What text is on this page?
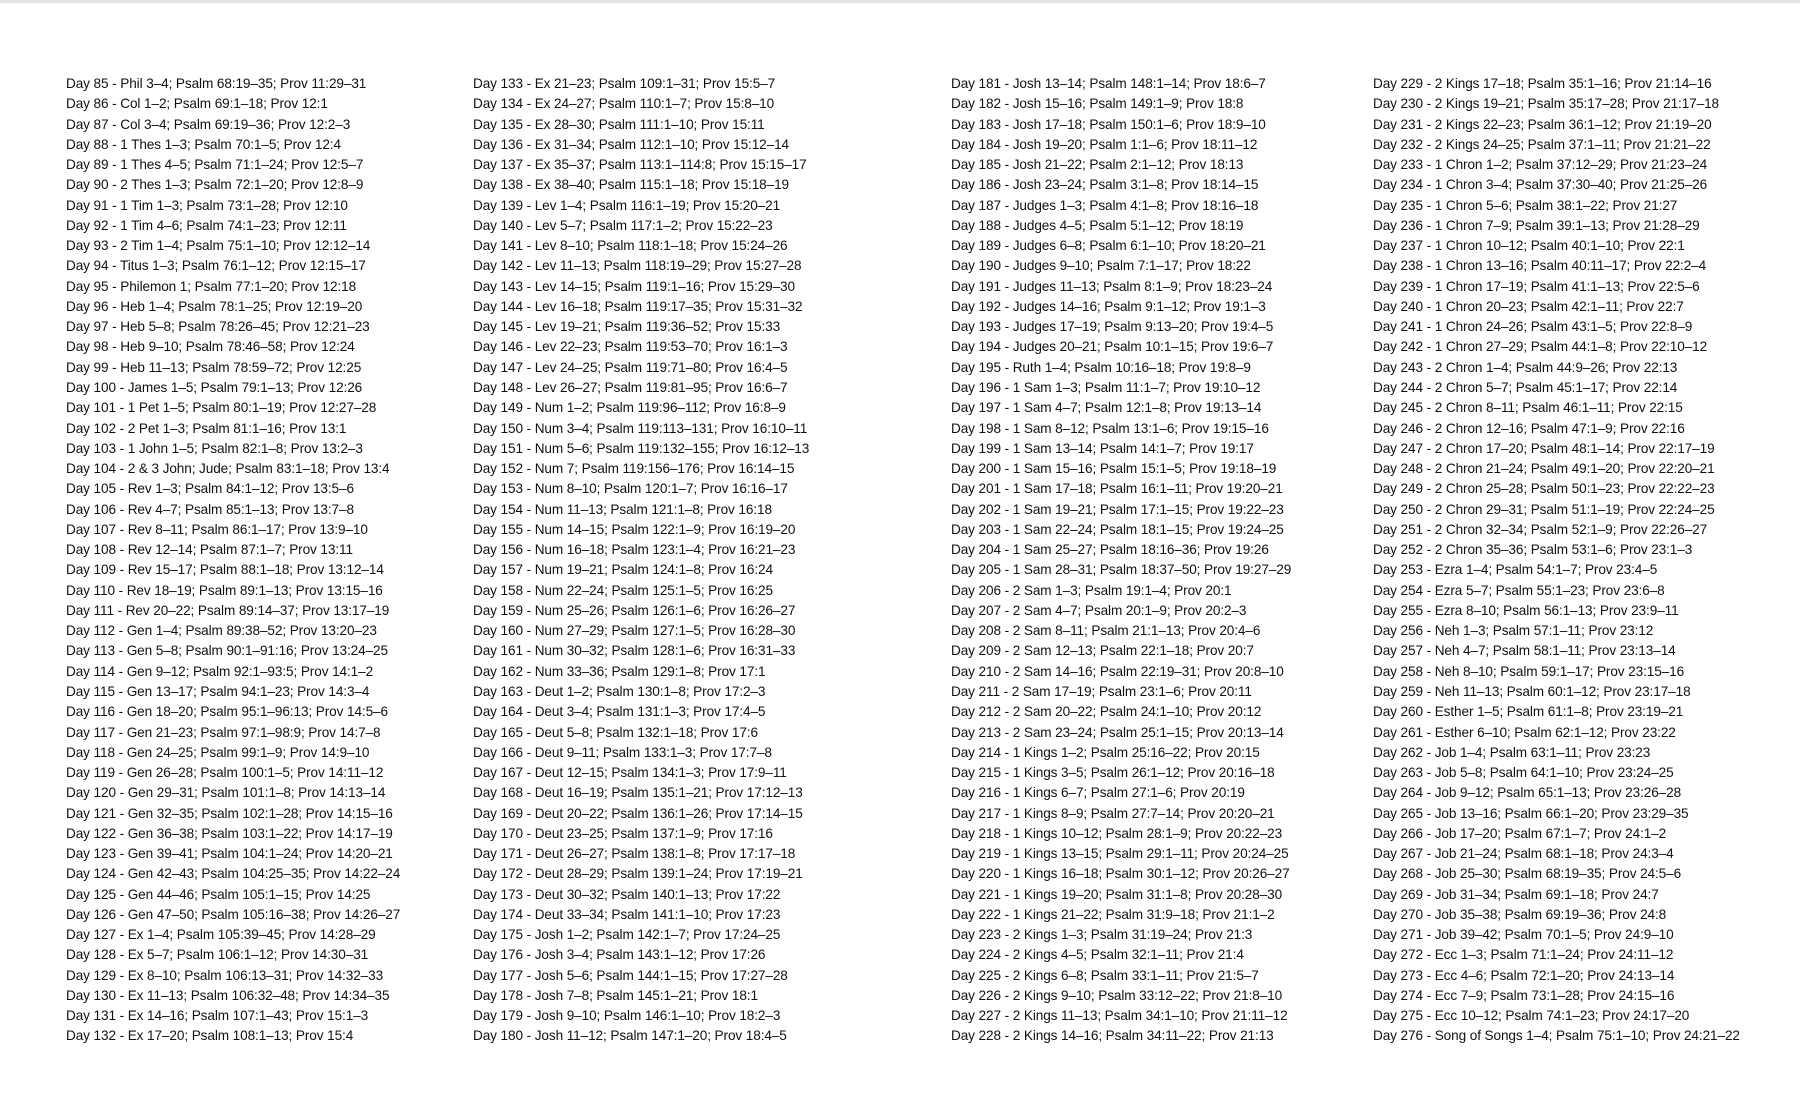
Day 85 - Phil 3–4; Psalm 68:19–35; Prov 11:29–31
Day 86 - Col 1–2; Psalm 69:1–18; Prov 12:1
Day 87 - Col 3–4; Psalm 69:19–36; Prov 12:2–3
Day 88 - 1 Thes 1–3; Psalm 70:1–5; Prov 12:4
Day 89 - 1 Thes 4–5; Psalm 71:1–24; Prov 12:5–7
Day 90 - 2 Thes 1–3; Psalm 72:1–20; Prov 12:8–9
Day 91 - 1 Tim 1–3; Psalm 73:1–28; Prov 12:10
Day 92 - 1 Tim 4–6; Psalm 74:1–23; Prov 12:11
Day 93 - 2 Tim 1–4; Psalm 75:1–10; Prov 12:12–14
Day 94 - Titus 1–3; Psalm 76:1–12; Prov 12:15–17
Day 95 - Philemon 1; Psalm 77:1–20; Prov 12:18
Day 96 - Heb 1–4; Psalm 78:1–25; Prov 12:19–20
Day 97 - Heb 5–8; Psalm 78:26–45; Prov 12:21–23
Day 98 - Heb 9–10; Psalm 78:46–58; Prov 12:24
Day 99 - Heb 11–13; Psalm 78:59–72; Prov 12:25
Day 100 - James 1–5; Psalm 79:1–13; Prov 12:26
Day 101 - 1 Pet 1–5; Psalm 80:1–19; Prov 12:27–28
Day 102 - 2 Pet 1–3; Psalm 81:1–16; Prov 13:1
Day 103 - 1 John 1–5; Psalm 82:1–8; Prov 13:2–3
Day 104 - 2 & 3 John; Jude; Psalm 83:1–18; Prov 13:4
Day 105 - Rev 1–3; Psalm 84:1–12; Prov 13:5–6
Day 106 - Rev 4–7; Psalm 85:1–13; Prov 13:7–8
Day 107 - Rev 8–11; Psalm 86:1–17; Prov 13:9–10
Day 108 - Rev 12–14; Psalm 87:1–7; Prov 13:11
Day 109 - Rev 15–17; Psalm 88:1–18; Prov 13:12–14
Day 110 - Rev 18–19; Psalm 89:1–13; Prov 13:15–16
Day 111 - Rev 20–22; Psalm 89:14–37; Prov 13:17–19
Day 112 - Gen 1–4; Psalm 89:38–52; Prov 13:20–23
Day 113 - Gen 5–8; Psalm 90:1–91:16; Prov 13:24–25
Day 114 - Gen 9–12; Psalm 92:1–93:5; Prov 14:1–2
Day 115 - Gen 13–17; Psalm 94:1–23; Prov 14:3–4
Day 116 - Gen 18–20; Psalm 95:1–96:13; Prov 14:5–6
Day 117 - Gen 21–23; Psalm 97:1–98:9; Prov 14:7–8
Day 118 - Gen 24–25; Psalm 99:1–9; Prov 14:9–10
Day 119 - Gen 26–28; Psalm 100:1–5; Prov 14:11–12
Day 120 - Gen 29–31; Psalm 101:1–8; Prov 14:13–14
Day 121 - Gen 32–35; Psalm 102:1–28; Prov 14:15–16
Day 122 - Gen 36–38; Psalm 103:1–22; Prov 14:17–19
Day 123 - Gen 39–41; Psalm 104:1–24; Prov 14:20–21
Day 124 - Gen 42–43; Psalm 104:25–35; Prov 14:22–24
Day 125 - Gen 44–46; Psalm 105:1–15; Prov 14:25
Day 126 - Gen 47–50; Psalm 105:16–38; Prov 14:26–27
Day 127 - Ex 1–4; Psalm 105:39–45; Prov 14:28–29
Day 128 - Ex 5–7; Psalm 106:1–12; Prov 14:30–31
Day 129 - Ex 8–10; Psalm 106:13–31; Prov 14:32–33
Day 130 - Ex 11–13; Psalm 106:32–48; Prov 14:34–35
Day 131 - Ex 14–16; Psalm 107:1–43; Prov 15:1–3
Day 132 - Ex 17–20; Psalm 108:1–13; Prov 15:4
Day 133 - Ex 21–23; Psalm 109:1–31; Prov 15:5–7
Day 134 - Ex 24–27; Psalm 110:1–7; Prov 15:8–10
Day 135 - Ex 28–30; Psalm 111:1–10; Prov 15:11
Day 136 - Ex 31–34; Psalm 112:1–10; Prov 15:12–14
Day 137 - Ex 35–37; Psalm 113:1–114:8; Prov 15:15–17
Day 138 - Ex 38–40; Psalm 115:1–18; Prov 15:18–19
Day 139 - Lev 1–4; Psalm 116:1–19; Prov 15:20–21
Day 140 - Lev 5–7; Psalm 117:1–2; Prov 15:22–23
Day 141 - Lev 8–10; Psalm 118:1–18; Prov 15:24–26
Day 142 - Lev 11–13; Psalm 118:19–29; Prov 15:27–28
Day 143 - Lev 14–15; Psalm 119:1–16; Prov 15:29–30
Day 144 - Lev 16–18; Psalm 119:17–35; Prov 15:31–32
Day 145 - Lev 19–21; Psalm 119:36–52; Prov 15:33
Day 146 - Lev 22–23; Psalm 119:53–70; Prov 16:1–3
Day 147 - Lev 24–25; Psalm 119:71–80; Prov 16:4–5
Day 148 - Lev 26–27; Psalm 119:81–95; Prov 16:6–7
Day 149 - Num 1–2; Psalm 119:96–112; Prov 16:8–9
Day 150 - Num 3–4; Psalm 119:113–131; Prov 16:10–11
Day 151 - Num 5–6; Psalm 119:132–155; Prov 16:12–13
Day 152 - Num 7; Psalm 119:156–176; Prov 16:14–15
Day 153 - Num 8–10; Psalm 120:1–7; Prov 16:16–17
Day 154 - Num 11–13; Psalm 121:1–8; Prov 16:18
Day 155 - Num 14–15; Psalm 122:1–9; Prov 16:19–20
Day 156 - Num 16–18; Psalm 123:1–4; Prov 16:21–23
Day 157 - Num 19–21; Psalm 124:1–8; Prov 16:24
Day 158 - Num 22–24; Psalm 125:1–5; Prov 16:25
Day 159 - Num 25–26; Psalm 126:1–6; Prov 16:26–27
Day 160 - Num 27–29; Psalm 127:1–5; Prov 16:28–30
Day 161 - Num 30–32; Psalm 128:1–6; Prov 16:31–33
Day 162 - Num 33–36; Psalm 129:1–8; Prov 17:1
Day 163 - Deut 1–2; Psalm 130:1–8; Prov 17:2–3
Day 164 - Deut 3–4; Psalm 131:1–3; Prov 17:4–5
Day 165 - Deut 5–8; Psalm 132:1–18; Prov 17:6
Day 166 - Deut 9–11; Psalm 133:1–3; Prov 17:7–8
Day 167 - Deut 12–15; Psalm 134:1–3; Prov 17:9–11
Day 168 - Deut 16–19; Psalm 135:1–21; Prov 17:12–13
Day 169 - Deut 20–22; Psalm 136:1–26; Prov 17:14–15
Day 170 - Deut 23–25; Psalm 137:1–9; Prov 17:16
Day 171 - Deut 26–27; Psalm 138:1–8; Prov 17:17–18
Day 172 - Deut 28–29; Psalm 139:1–24; Prov 17:19–21
Day 173 - Deut 30–32; Psalm 140:1–13; Prov 17:22
Day 174 - Deut 33–34; Psalm 141:1–10; Prov 17:23
Day 175 - Josh 1–2; Psalm 142:1–7; Prov 17:24–25
Day 176 - Josh 3–4; Psalm 143:1–12; Prov 17:26
Day 177 - Josh 5–6; Psalm 144:1–15; Prov 17:27–28
Day 178 - Josh 7–8; Psalm 145:1–21; Prov 18:1
Day 179 - Josh 9–10; Psalm 146:1–10; Prov 18:2–3
Day 180 - Josh 11–12; Psalm 147:1–20; Prov 18:4–5
Day 181 - Josh 13–14; Psalm 148:1–14; Prov 18:6–7
Day 182 - Josh 15–16; Psalm 149:1–9; Prov 18:8
Day 183 - Josh 17–18; Psalm 150:1–6; Prov 18:9–10
Day 184 - Josh 19–20; Psalm 1:1–6; Prov 18:11–12
Day 185 - Josh 21–22; Psalm 2:1–12; Prov 18:13
Day 186 - Josh 23–24; Psalm 3:1–8; Prov 18:14–15
Day 187 - Judges 1–3; Psalm 4:1–8; Prov 18:16–18
Day 188 - Judges 4–5; Psalm 5:1–12; Prov 18:19
Day 189 - Judges 6–8; Psalm 6:1–10; Prov 18:20–21
Day 190 - Judges 9–10; Psalm 7:1–17; Prov 18:22
Day 191 - Judges 11–13; Psalm 8:1–9; Prov 18:23–24
Day 192 - Judges 14–16; Psalm 9:1–12; Prov 19:1–3
Day 193 - Judges 17–19; Psalm 9:13–20; Prov 19:4–5
Day 194 - Judges 20–21; Psalm 10:1–15; Prov 19:6–7
Day 195 - Ruth 1–4; Psalm 10:16–18; Prov 19:8–9
Day 196 - 1 Sam 1–3; Psalm 11:1–7; Prov 19:10–12
Day 197 - 1 Sam 4–7; Psalm 12:1–8; Prov 19:13–14
Day 198 - 1 Sam 8–12; Psalm 13:1–6; Prov 19:15–16
Day 199 - 1 Sam 13–14; Psalm 14:1–7; Prov 19:17
Day 200 - 1 Sam 15–16; Psalm 15:1–5; Prov 19:18–19
Day 201 - 1 Sam 17–18; Psalm 16:1–11; Prov 19:20–21
Day 202 - 1 Sam 19–21; Psalm 17:1–15; Prov 19:22–23
Day 203 - 1 Sam 22–24; Psalm 18:1–15; Prov 19:24–25
Day 204 - 1 Sam 25–27; Psalm 18:16–36; Prov 19:26
Day 205 - 1 Sam 28–31; Psalm 18:37–50; Prov 19:27–29
Day 206 - 2 Sam 1–3; Psalm 19:1–4; Prov 20:1
Day 207 - 2 Sam 4–7; Psalm 20:1–9; Prov 20:2–3
Day 208 - 2 Sam 8–11; Psalm 21:1–13; Prov 20:4–6
Day 209 - 2 Sam 12–13; Psalm 22:1–18; Prov 20:7
Day 210 - 2 Sam 14–16; Psalm 22:19–31; Prov 20:8–10
Day 211 - 2 Sam 17–19; Psalm 23:1–6; Prov 20:11
Day 212 - 2 Sam 20–22; Psalm 24:1–10; Prov 20:12
Day 213 - 2 Sam 23–24; Psalm 25:1–15; Prov 20:13–14
Day 214 - 1 Kings 1–2; Psalm 25:16–22; Prov 20:15
Day 215 - 1 Kings 3–5; Psalm 26:1–12; Prov 20:16–18
Day 216 - 1 Kings 6–7; Psalm 27:1–6; Prov 20:19
Day 217 - 1 Kings 8–9; Psalm 27:7–14; Prov 20:20–21
Day 218 - 1 Kings 10–12; Psalm 28:1–9; Prov 20:22–23
Day 219 - 1 Kings 13–15; Psalm 29:1–11; Prov 20:24–25
Day 220 - 1 Kings 16–18; Psalm 30:1–12; Prov 20:26–27
Day 221 - 1 Kings 19–20; Psalm 31:1–8; Prov 20:28–30
Day 222 - 1 Kings 21–22; Psalm 31:9–18; Prov 21:1–2
Day 223 - 2 Kings 1–3; Psalm 31:19–24; Prov 21:3
Day 224 - 2 Kings 4–5; Psalm 32:1–11; Prov 21:4
Day 225 - 2 Kings 6–8; Psalm 33:1–11; Prov 21:5–7
Day 226 - 2 Kings 9–10; Psalm 33:12–22; Prov 21:8–10
Day 227 - 2 Kings 11–13; Psalm 34:1–10; Prov 21:11–12
Day 228 - 2 Kings 14–16; Psalm 34:11–22; Prov 21:13
Day 229 - 2 Kings 17–18; Psalm 35:1–16; Prov 21:14–16
Day 230 - 2 Kings 19–21; Psalm 35:17–28; Prov 21:17–18
Day 231 - 2 Kings 22–23; Psalm 36:1–12; Prov 21:19–20
Day 232 - 2 Kings 24–25; Psalm 37:1–11; Prov 21:21–22
Day 233 - 1 Chron 1–2; Psalm 37:12–29; Prov 21:23–24
Day 234 - 1 Chron 3–4; Psalm 37:30–40; Prov 21:25–26
Day 235 - 1 Chron 5–6; Psalm 38:1–22; Prov 21:27
Day 236 - 1 Chron 7–9; Psalm 39:1–13; Prov 21:28–29
Day 237 - 1 Chron 10–12; Psalm 40:1–10; Prov 22:1
Day 238 - 1 Chron 13–16; Psalm 40:11–17; Prov 22:2–4
Day 239 - 1 Chron 17–19; Psalm 41:1–13; Prov 22:5–6
Day 240 - 1 Chron 20–23; Psalm 42:1–11; Prov 22:7
Day 241 - 1 Chron 24–26; Psalm 43:1–5; Prov 22:8–9
Day 242 - 1 Chron 27–29; Psalm 44:1–8; Prov 22:10–12
Day 243 - 2 Chron 1–4; Psalm 44:9–26; Prov 22:13
Day 244 - 2 Chron 5–7; Psalm 45:1–17; Prov 22:14
Day 245 - 2 Chron 8–11; Psalm 46:1–11; Prov 22:15
Day 246 - 2 Chron 12–16; Psalm 47:1–9; Prov 22:16
Day 247 - 2 Chron 17–20; Psalm 48:1–14; Prov 22:17–19
Day 248 - 2 Chron 21–24; Psalm 49:1–20; Prov 22:20–21
Day 249 - 2 Chron 25–28; Psalm 50:1–23; Prov 22:22–23
Day 250 - 2 Chron 29–31; Psalm 51:1–19; Prov 22:24–25
Day 251 - 2 Chron 32–34; Psalm 52:1–9; Prov 22:26–27
Day 252 - 2 Chron 35–36; Psalm 53:1–6; Prov 23:1–3
Day 253 - Ezra 1–4; Psalm 54:1–7; Prov 23:4–5
Day 254 - Ezra 5–7; Psalm 55:1–23; Prov 23:6–8
Day 255 - Ezra 8–10; Psalm 56:1–13; Prov 23:9–11
Day 256 - Neh 1–3; Psalm 57:1–11; Prov 23:12
Day 257 - Neh 4–7; Psalm 58:1–11; Prov 23:13–14
Day 258 - Neh 8–10; Psalm 59:1–17; Prov 23:15–16
Day 259 - Neh 11–13; Psalm 60:1–12; Prov 23:17–18
Day 260 - Esther 1–5; Psalm 61:1–8; Prov 23:19–21
Day 261 - Esther 6–10; Psalm 62:1–12; Prov 23:22
Day 262 - Job 1–4; Psalm 63:1–11; Prov 23:23
Day 263 - Job 5–8; Psalm 64:1–10; Prov 23:24–25
Day 264 - Job 9–12; Psalm 65:1–13; Prov 23:26–28
Day 265 - Job 13–16; Psalm 66:1–20; Prov 23:29–35
Day 266 - Job 17–20; Psalm 67:1–7; Prov 24:1–2
Day 267 - Job 21–24; Psalm 68:1–18; Prov 24:3–4
Day 268 - Job 25–30; Psalm 68:19–35; Prov 24:5–6
Day 269 - Job 31–34; Psalm 69:1–18; Prov 24:7
Day 270 - Job 35–38; Psalm 69:19–36; Prov 24:8
Day 271 - Job 39–42; Psalm 70:1–5; Prov 24:9–10
Day 272 - Ecc 1–3; Psalm 71:1–24; Prov 24:11–12
Day 273 - Ecc 4–6; Psalm 72:1–20; Prov 24:13–14
Day 274 - Ecc 7–9; Psalm 73:1–28; Prov 24:15–16
Day 275 - Ecc 10–12; Psalm 74:1–23; Prov 24:17–20
Day 276 - Song of Songs 1–4; Psalm 75:1–10; Prov 24:21–22
